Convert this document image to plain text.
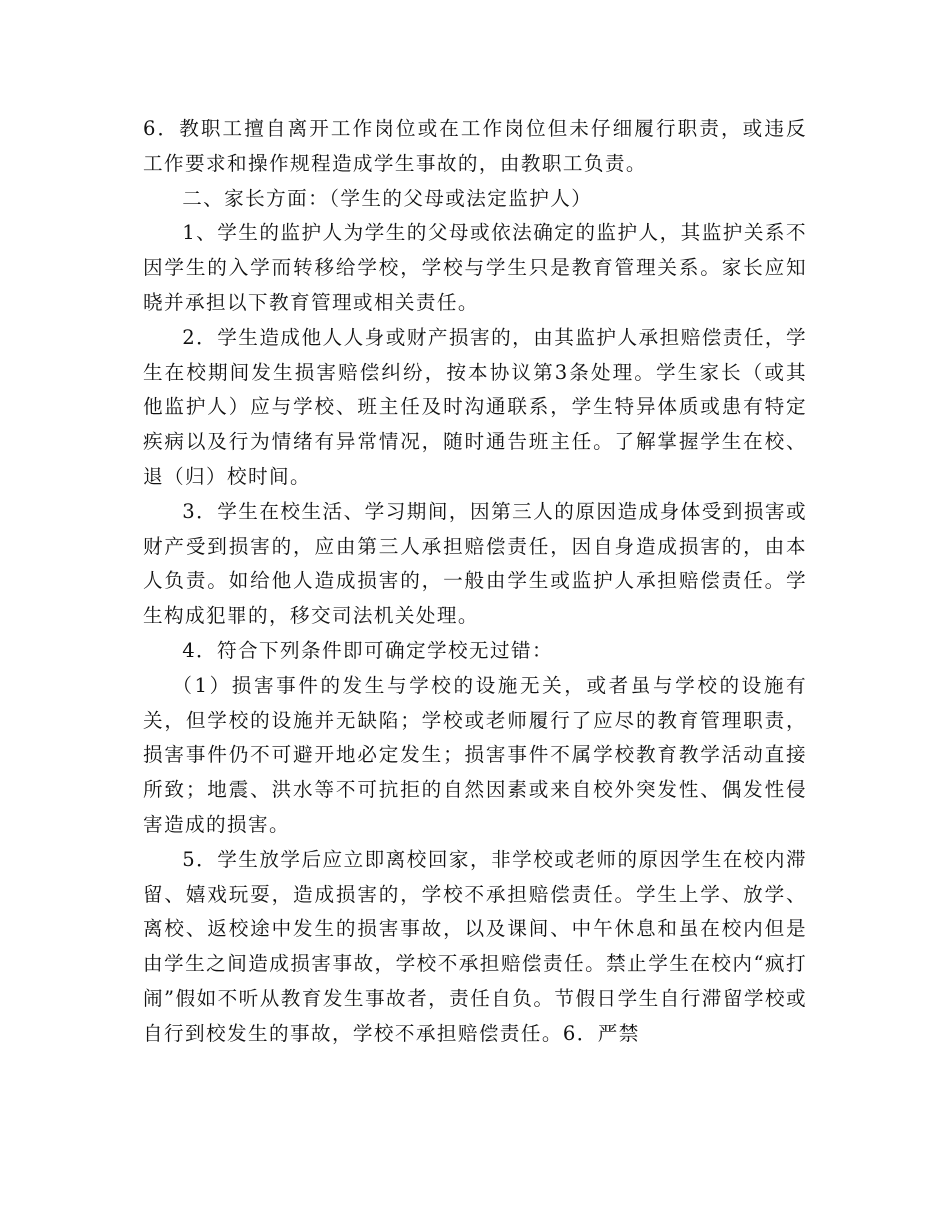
6．教职工擅自离开工作岗位或在工作岗位但未仔细履行职责，或违反工作要求和操作规程造成学生事故的，由教职工负责。

二、家长方面：（学生的父母或法定监护人）

1、学生的监护人为学生的父母或依法确定的监护人，其监护关系不因学生的入学而转移给学校，学校与学生只是教育管理关系。家长应知晓并承担以下教育管理或相关责任。

2．学生造成他人人身或财产损害的，由其监护人承担赔偿责任，学生在校期间发生损害赔偿纠纷，按本协议第3条处理。学生家长（或其他监护人）应与学校、班主任及时沟通联系，学生特异体质或患有特定疾病以及行为情绪有异常情况，随时通告班主任。了解掌握学生在校、退（归）校时间。

3．学生在校生活、学习期间，因第三人的原因造成身体受到损害或财产受到损害的，应由第三人承担赔偿责任，因自身造成损害的，由本人负责。如给他人造成损害的，一般由学生或监护人承担赔偿责任。学生构成犯罪的，移交司法机关处理。

4．符合下列条件即可确定学校无过错：

（1）损害事件的发生与学校的设施无关，或者虽与学校的设施有关，但学校的设施并无缺陷；学校或老师履行了应尽的教育管理职责，损害事件仍不可避开地必定发生；损害事件不属学校教育教学活动直接所致；地震、洪水等不可抗拒的自然因素或来自校外突发性、偶发性侵害造成的损害。

5．学生放学后应立即离校回家，非学校或老师的原因学生在校内滞留、嬉戏玩耍，造成损害的，学校不承担赔偿责任。学生上学、放学、离校、返校途中发生的损害事故，以及课间、中午休息和虽在校内但是由学生之间造成损害事故，学校不承担赔偿责任。禁止学生在校内“疯打闹”假如不听从教育发生事故者，责任自负。节假日学生自行滞留学校或自行到校发生的事故，学校不承担赔偿责任。6．严禁
